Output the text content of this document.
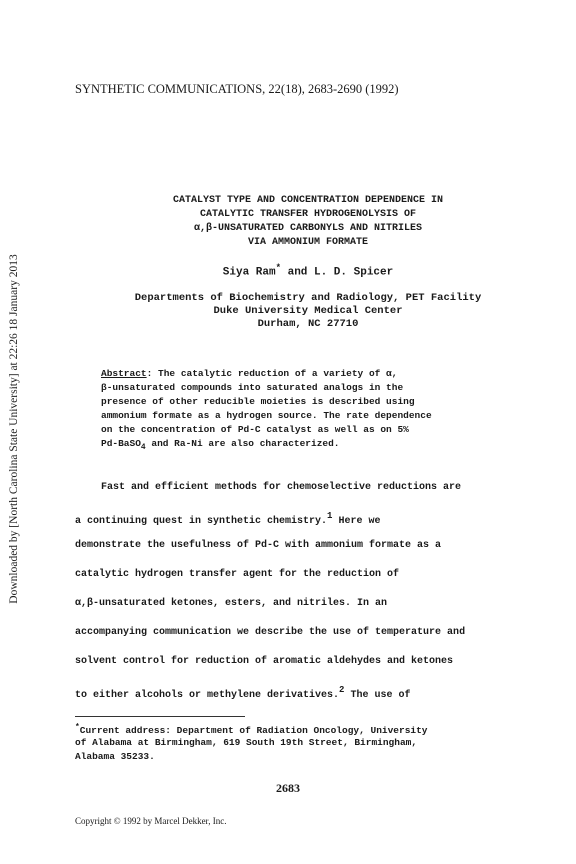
Downloaded by [North Carolina State University] at 22:26 18 January 2013
SYNTHETIC COMMUNICATIONS, 22(18), 2683-2690 (1992)
CATALYST TYPE AND CONCENTRATION DEPENDENCE IN
CATALYTIC TRANSFER HYDROGENOLYSIS OF
α,β-UNSATURATED CARBONYLS AND NITRILES
VIA AMMONIUM FORMATE
Siya Ram* and L. D. Spicer
Departments of Biochemistry and Radiology, PET Facility
Duke University Medical Center
Durham, NC 27710
Abstract: The catalytic reduction of a variety of α,
β-unsaturated compounds into saturated analogs in the
presence of other reducible moieties is described using
ammonium formate as a hydrogen source. The rate dependence
on the concentration of Pd-C catalyst as well as on 5%
Pd-BaSO$_4$ and Ra-Ni are also characterized.
Fast and efficient methods for chemoselective reductions are
a continuing quest in synthetic chemistry.$^1$ Here we
demonstrate the usefulness of Pd-C with ammonium formate as a
catalytic hydrogen transfer agent for the reduction of
α,β-unsaturated ketones, esters, and nitriles. In an
accompanying communication we describe the use of temperature and
solvent control for reduction of aromatic aldehydes and ketones
to either alcohols or methylene derivatives.$^2$ The use of
*Current address: Department of Radiation Oncology, University
of Alabama at Birmingham, 619 South 19th Street, Birmingham,
Alabama 35233.
2683
Copyright © 1992 by Marcel Dekker, Inc.
